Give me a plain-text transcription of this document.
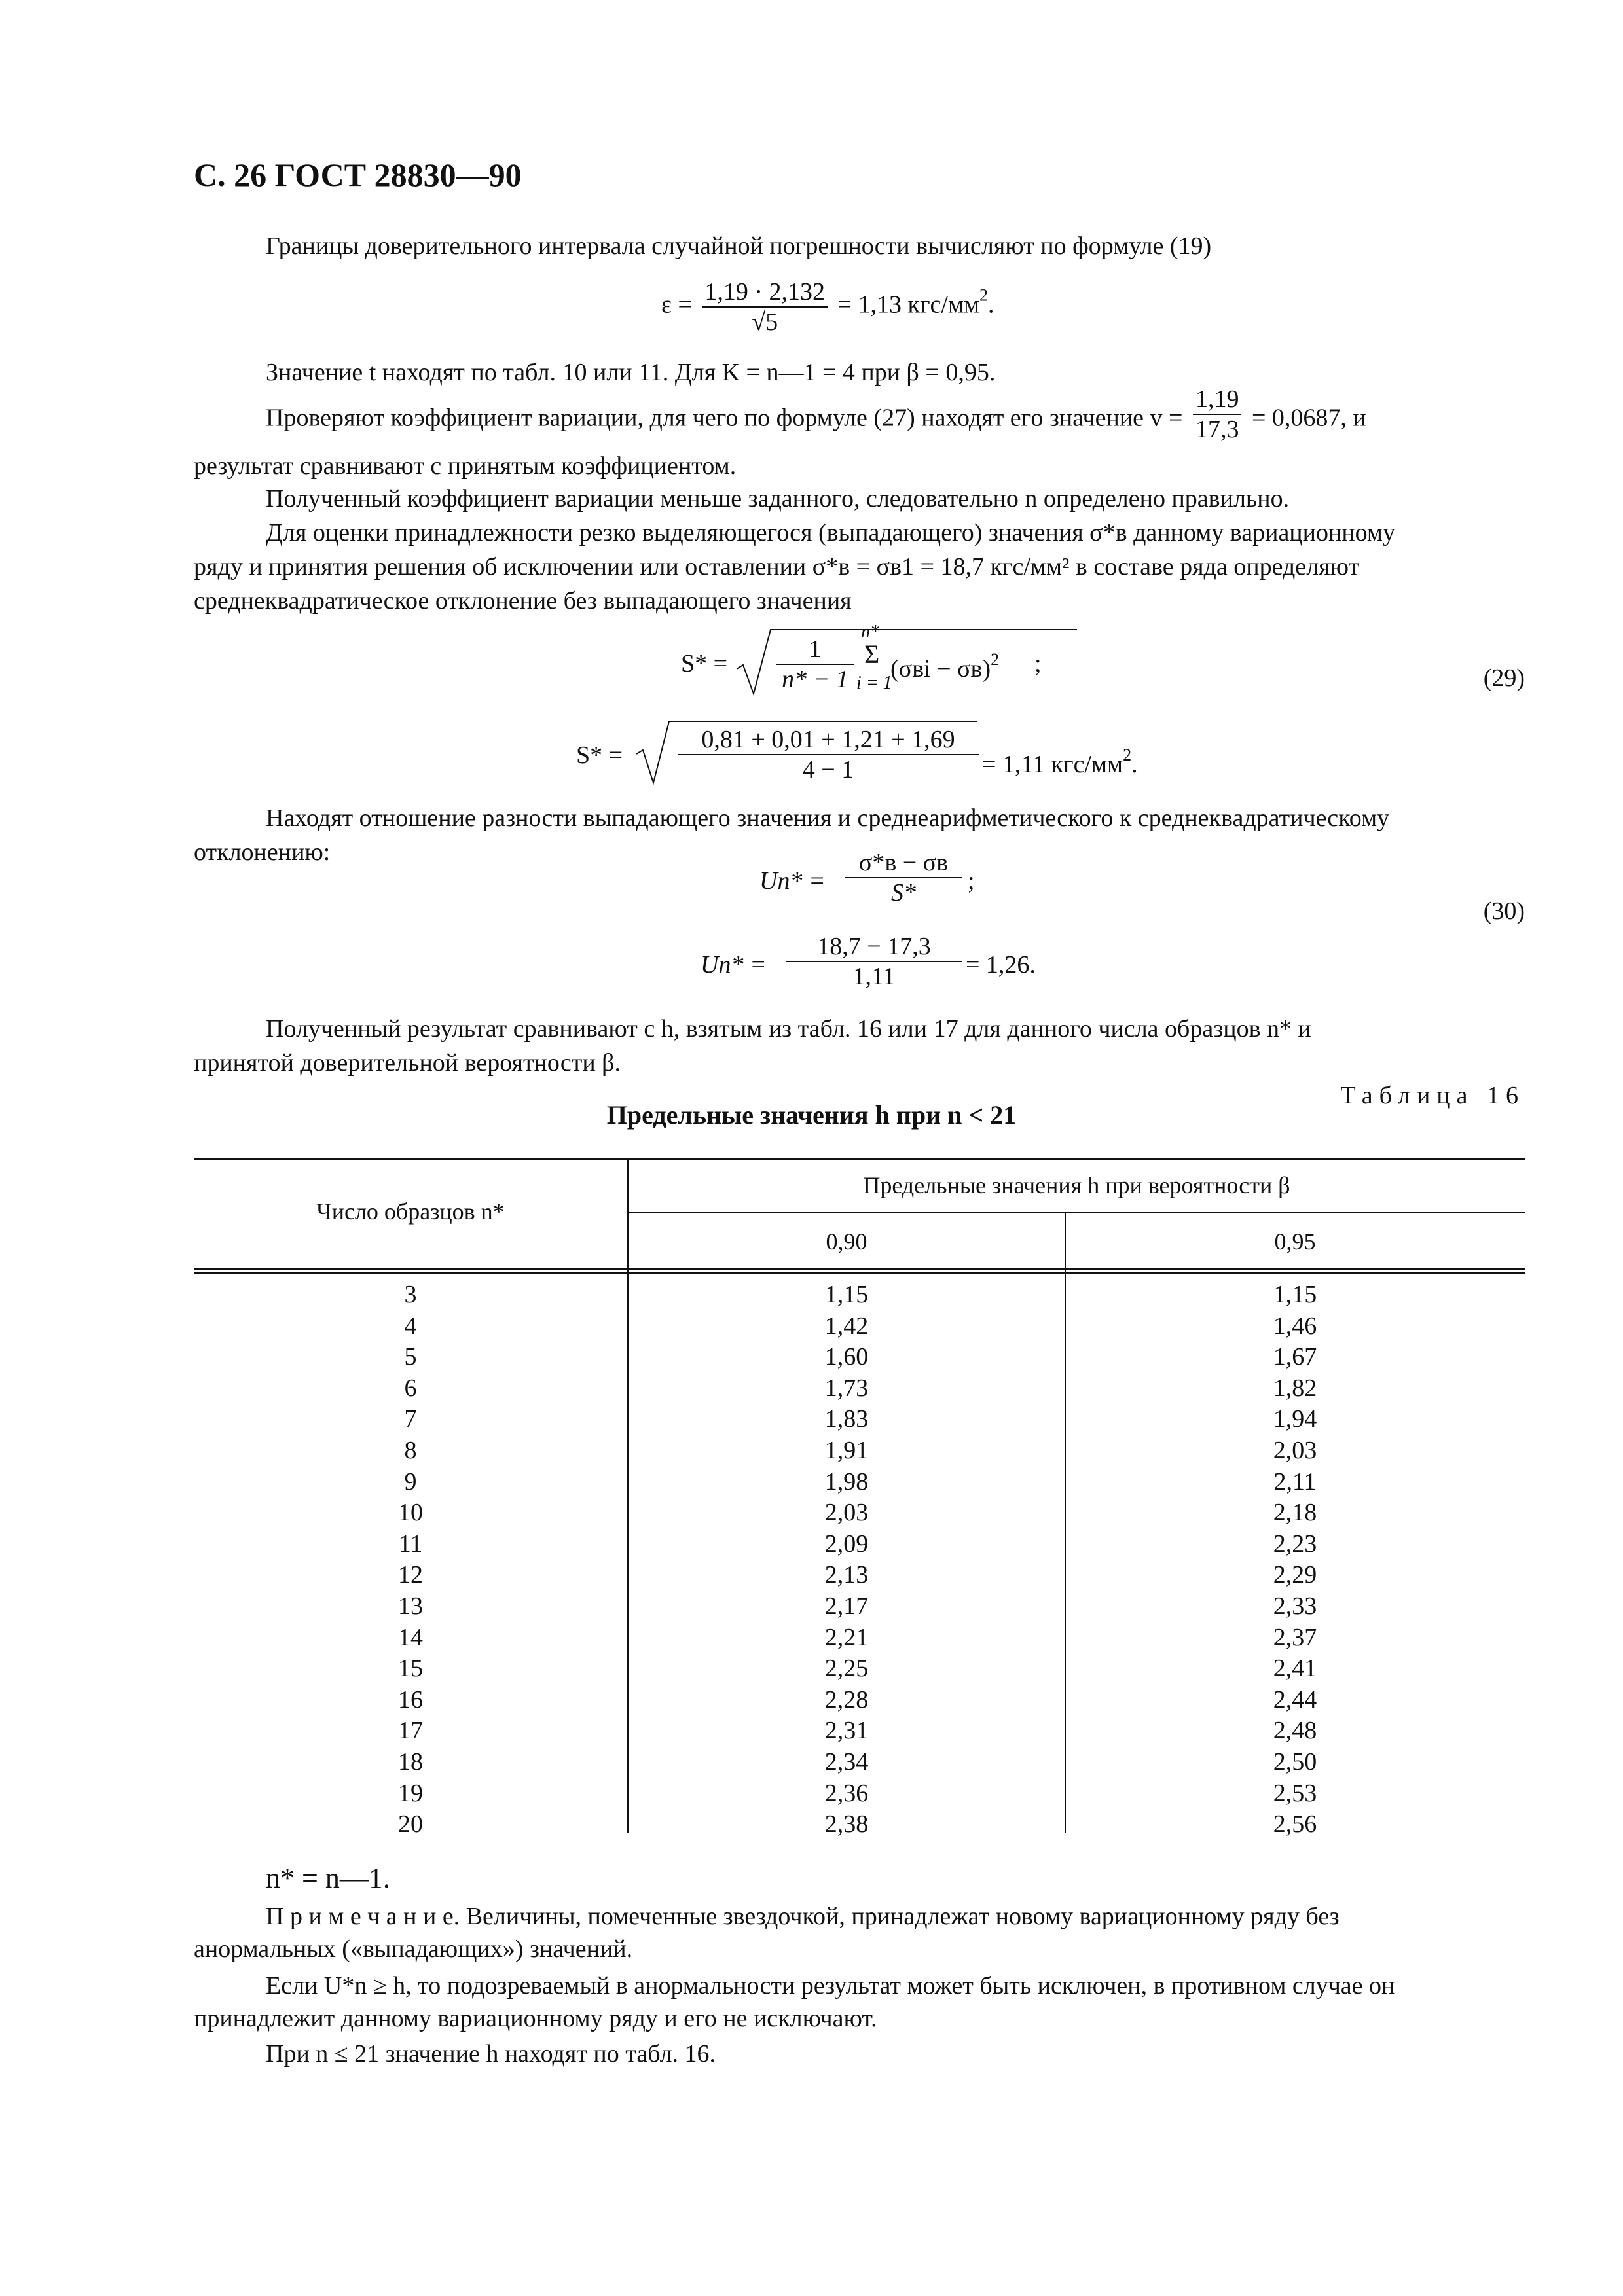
С. 26 ГОСТ 28830—90
Границы доверительного интервала случайной погрешности вычисляют по формуле (19)
$\varepsilon = \frac{1,19 \cdot 2,132}{√5} = 1,13$ кгс/$мм^2$.
Значение t находят по табл. 10 или 11. Для K = n—1 = 4 при β = 0,95.
Проверяют коэффициент вариации, для чего по формуле (27) находят его значение $v = \frac{1,19}{17,3} = 0,0687$, и
результат сравнивают с принятым коэффициентом.
Полученный коэффициент вариации меньше заданного, следовательно n определено правильно.
Для оценки принадлежности резко выделяющегося (выпадающего) значения σ*в данному вариационному
ряду и принятия решения об исключении или оставлении σ*в = σв1 = 18,7 кгс/мм² в составе ряда определяют
среднеквадратическое отклонение без выпадающего значения
S* =
1
n* − 1
n*
Σ
i = 1
$(\sigma вi - \sigma в)^2$ ;
(29)
$S* = \frac{0,81 + 0,01 + 1,21 + 1,69}{4 - 1} = 1,11$ кгс/$мм^2$.
Находят отношение разности выпадающего значения и среднеарифметического к среднеквадратическому
отклонению:
Un* =
σ*в − σв
S*	;
(30)
$Un* = \frac{18,7 - 17,3}{1,11} = 1,26$.
Полученный результат сравнивают с h, взятым из табл. 16 или 17 для данного числа образцов n* и
принятой доверительной вероятности β.
Таблица 16
Предельные значения h при n < 21
Число образцов n*
Предельные значения h при вероятности β
0,90	0,95
3	1,15	1,15
4	1,42	1,46
5	1,60	1,67
6	1,73	1,82
7	1,83	1,94
8	1,91	2,03
9	1,98	2,11
10	2,03	2,18
11	2,09	2,23
12	2,13	2,29
13	2,17	2,33
14	2,21	2,37
15	2,25	2,41
16	2,28	2,44
17	2,31	2,48
18	2,34	2,50
19	2,36	2,53
20	2,38	2,56
n* = n—1.
П р и м е ч а н и е. Величины, помеченные звездочкой, принадлежат новому вариационному ряду без
анормальных («выпадающих») значений.
Если U*n ≥ h, то подозреваемый в анормальности результат может быть исключен, в противном случае он
принадлежит данному вариационному ряду и его не исключают.
При n ≤ 21 значение h находят по табл. 16.
